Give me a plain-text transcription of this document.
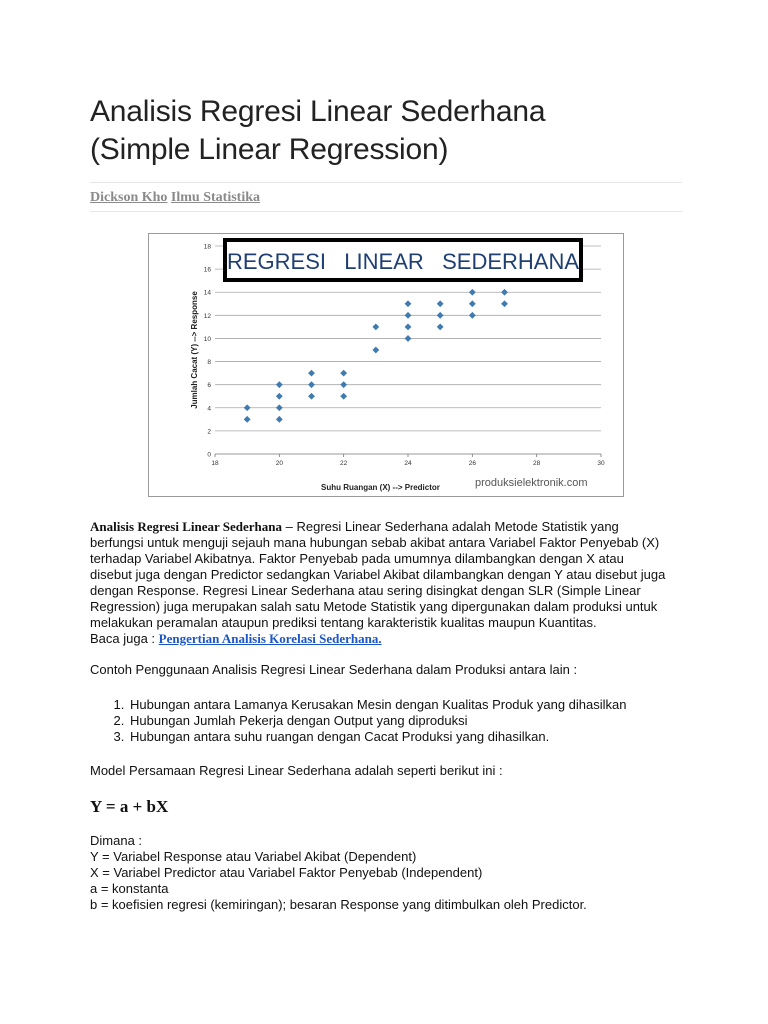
Analisis Regresi Linear Sederhana
(Simple Linear Regression)
Dickson Kho Ilmu Statistika
0
2
4
6
8
10
12
14
16
18
18	20	22	24	26	28	30
REGRESI   LINEAR   SEDERHANA
Jumlah Cacat (Y) --> Response
Suhu Ruangan (X) --> Predictor	produksielektronik.com

Analisis Regresi Linear Sederhana – Regresi Linear Sederhana adalah Metode Statistik yang
berfungsi untuk menguji sejauh mana hubungan sebab akibat antara Variabel Faktor Penyebab (X)
terhadap Variabel Akibatnya. Faktor Penyebab pada umumnya dilambangkan dengan X atau
disebut juga dengan Predictor sedangkan Variabel Akibat dilambangkan dengan Y atau disebut juga
dengan Response. Regresi Linear Sederhana atau sering disingkat dengan SLR (Simple Linear
Regression) juga merupakan salah satu Metode Statistik yang dipergunakan dalam produksi untuk
melakukan peramalan ataupun prediksi tentang karakteristik kualitas maupun Kuantitas.
Baca juga : Pengertian Analisis Korelasi Sederhana.

Contoh Penggunaan Analisis Regresi Linear Sederhana dalam Produksi antara lain :

1. Hubungan antara Lamanya Kerusakan Mesin dengan Kualitas Produk yang dihasilkan
2. Hubungan Jumlah Pekerja dengan Output yang diproduksi
3. Hubungan antara suhu ruangan dengan Cacat Produksi yang dihasilkan.

Model Persamaan Regresi Linear Sederhana adalah seperti berikut ini :

Y = a + bX
Dimana :
Y = Variabel Response atau Variabel Akibat (Dependent)
X = Variabel Predictor atau Variabel Faktor Penyebab (Independent)
a = konstanta
b = koefisien regresi (kemiringan); besaran Response yang ditimbulkan oleh Predictor.
